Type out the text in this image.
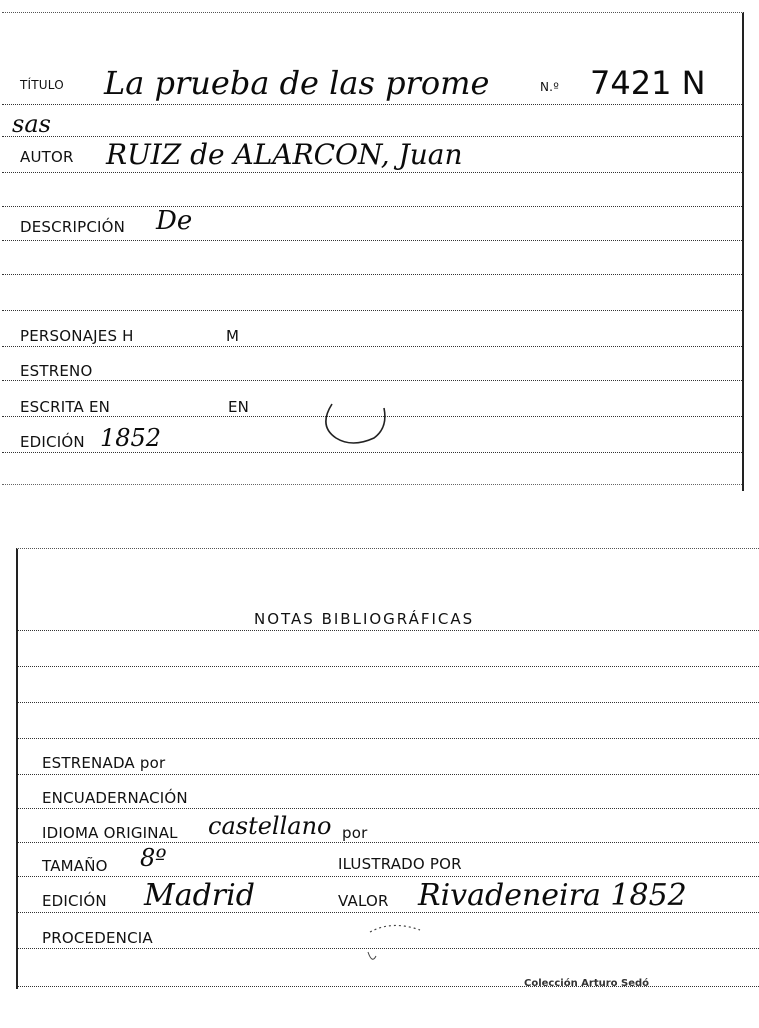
TÍTULO La prueba de las prome	N.º 7421 N
sas
AUTOR RUIZ de ALARCON, Juan
DESCRIPCIÓN De
PERSONAJES H	M
ESTRENO
ESCRITA EN	EN
EDICIÓN 1852
NOTAS BIBLIOGRÁFICAS
ESTRENADA por
ENCUADERNACIÓN
IDIOMA ORIGINAL castellano por
TAMAÑO 8º	ILUSTRADO POR
EDICIÓN Madrid	VALOR Rivadeneira 1852
PROCEDENCIA
Colección Arturo Sedó
